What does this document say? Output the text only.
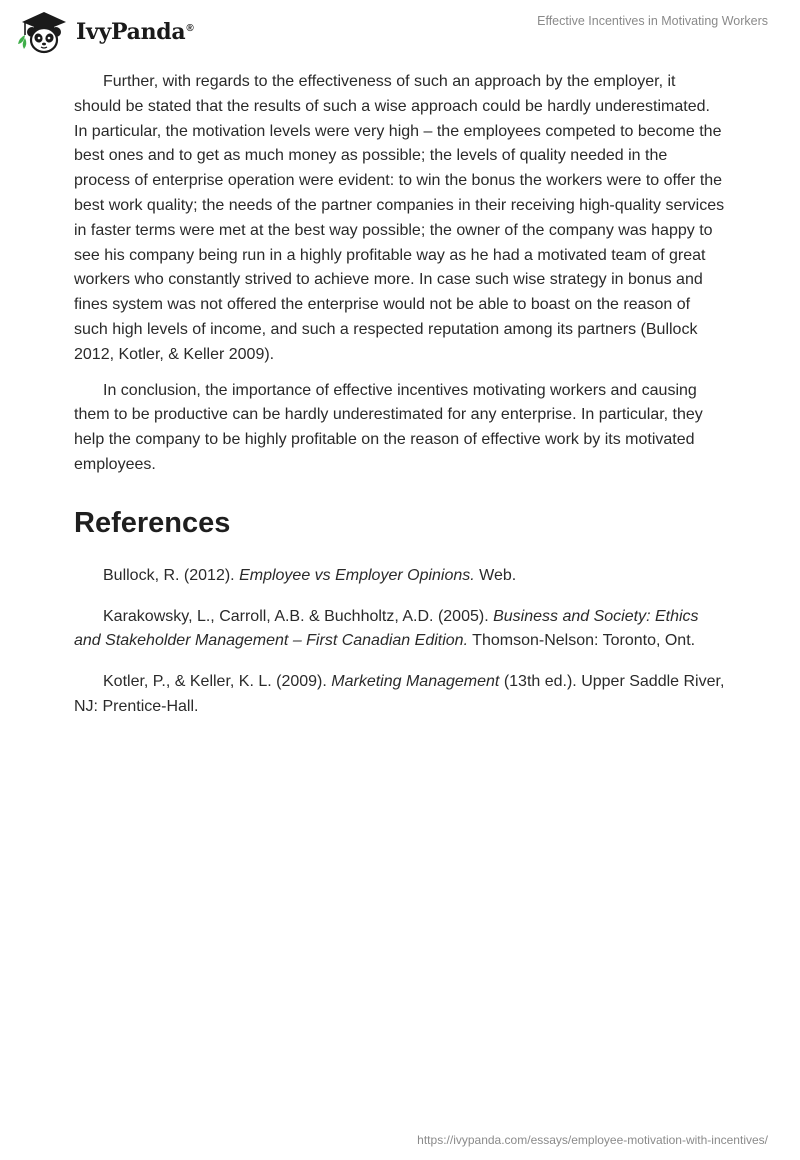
IvyPanda®
Effective Incentives in Motivating Workers

Further, with regards to the effectiveness of such an approach by the employer, it should be stated that the results of such a wise approach could be hardly underestimated. In particular, the motivation levels were very high – the employees competed to become the best ones and to get as much money as possible; the levels of quality needed in the process of enterprise operation were evident: to win the bonus the workers were to offer the best work quality; the needs of the partner companies in their receiving high-quality services in faster terms were met at the best way possible; the owner of the company was happy to see his company being run in a highly profitable way as he had a motivated team of great workers who constantly strived to achieve more. In case such wise strategy in bonus and fines system was not offered the enterprise would not be able to boast on the reason of such high levels of income, and such a respected reputation among its partners (Bullock 2012, Kotler, & Keller 2009).

In conclusion, the importance of effective incentives motivating workers and causing them to be productive can be hardly underestimated for any enterprise. In particular, they help the company to be highly profitable on the reason of effective work by its motivated employees.

References

Bullock, R. (2012). Employee vs Employer Opinions. Web.

Karakowsky, L., Carroll, A.B. & Buchholtz, A.D. (2005). Business and Society: Ethics and Stakeholder Management – First Canadian Edition. Thomson-Nelson: Toronto, Ont.

Kotler, P., & Keller, K. L. (2009). Marketing Management (13th ed.). Upper Saddle River, NJ: Prentice-Hall.

https://ivypanda.com/essays/employee-motivation-with-incentives/
